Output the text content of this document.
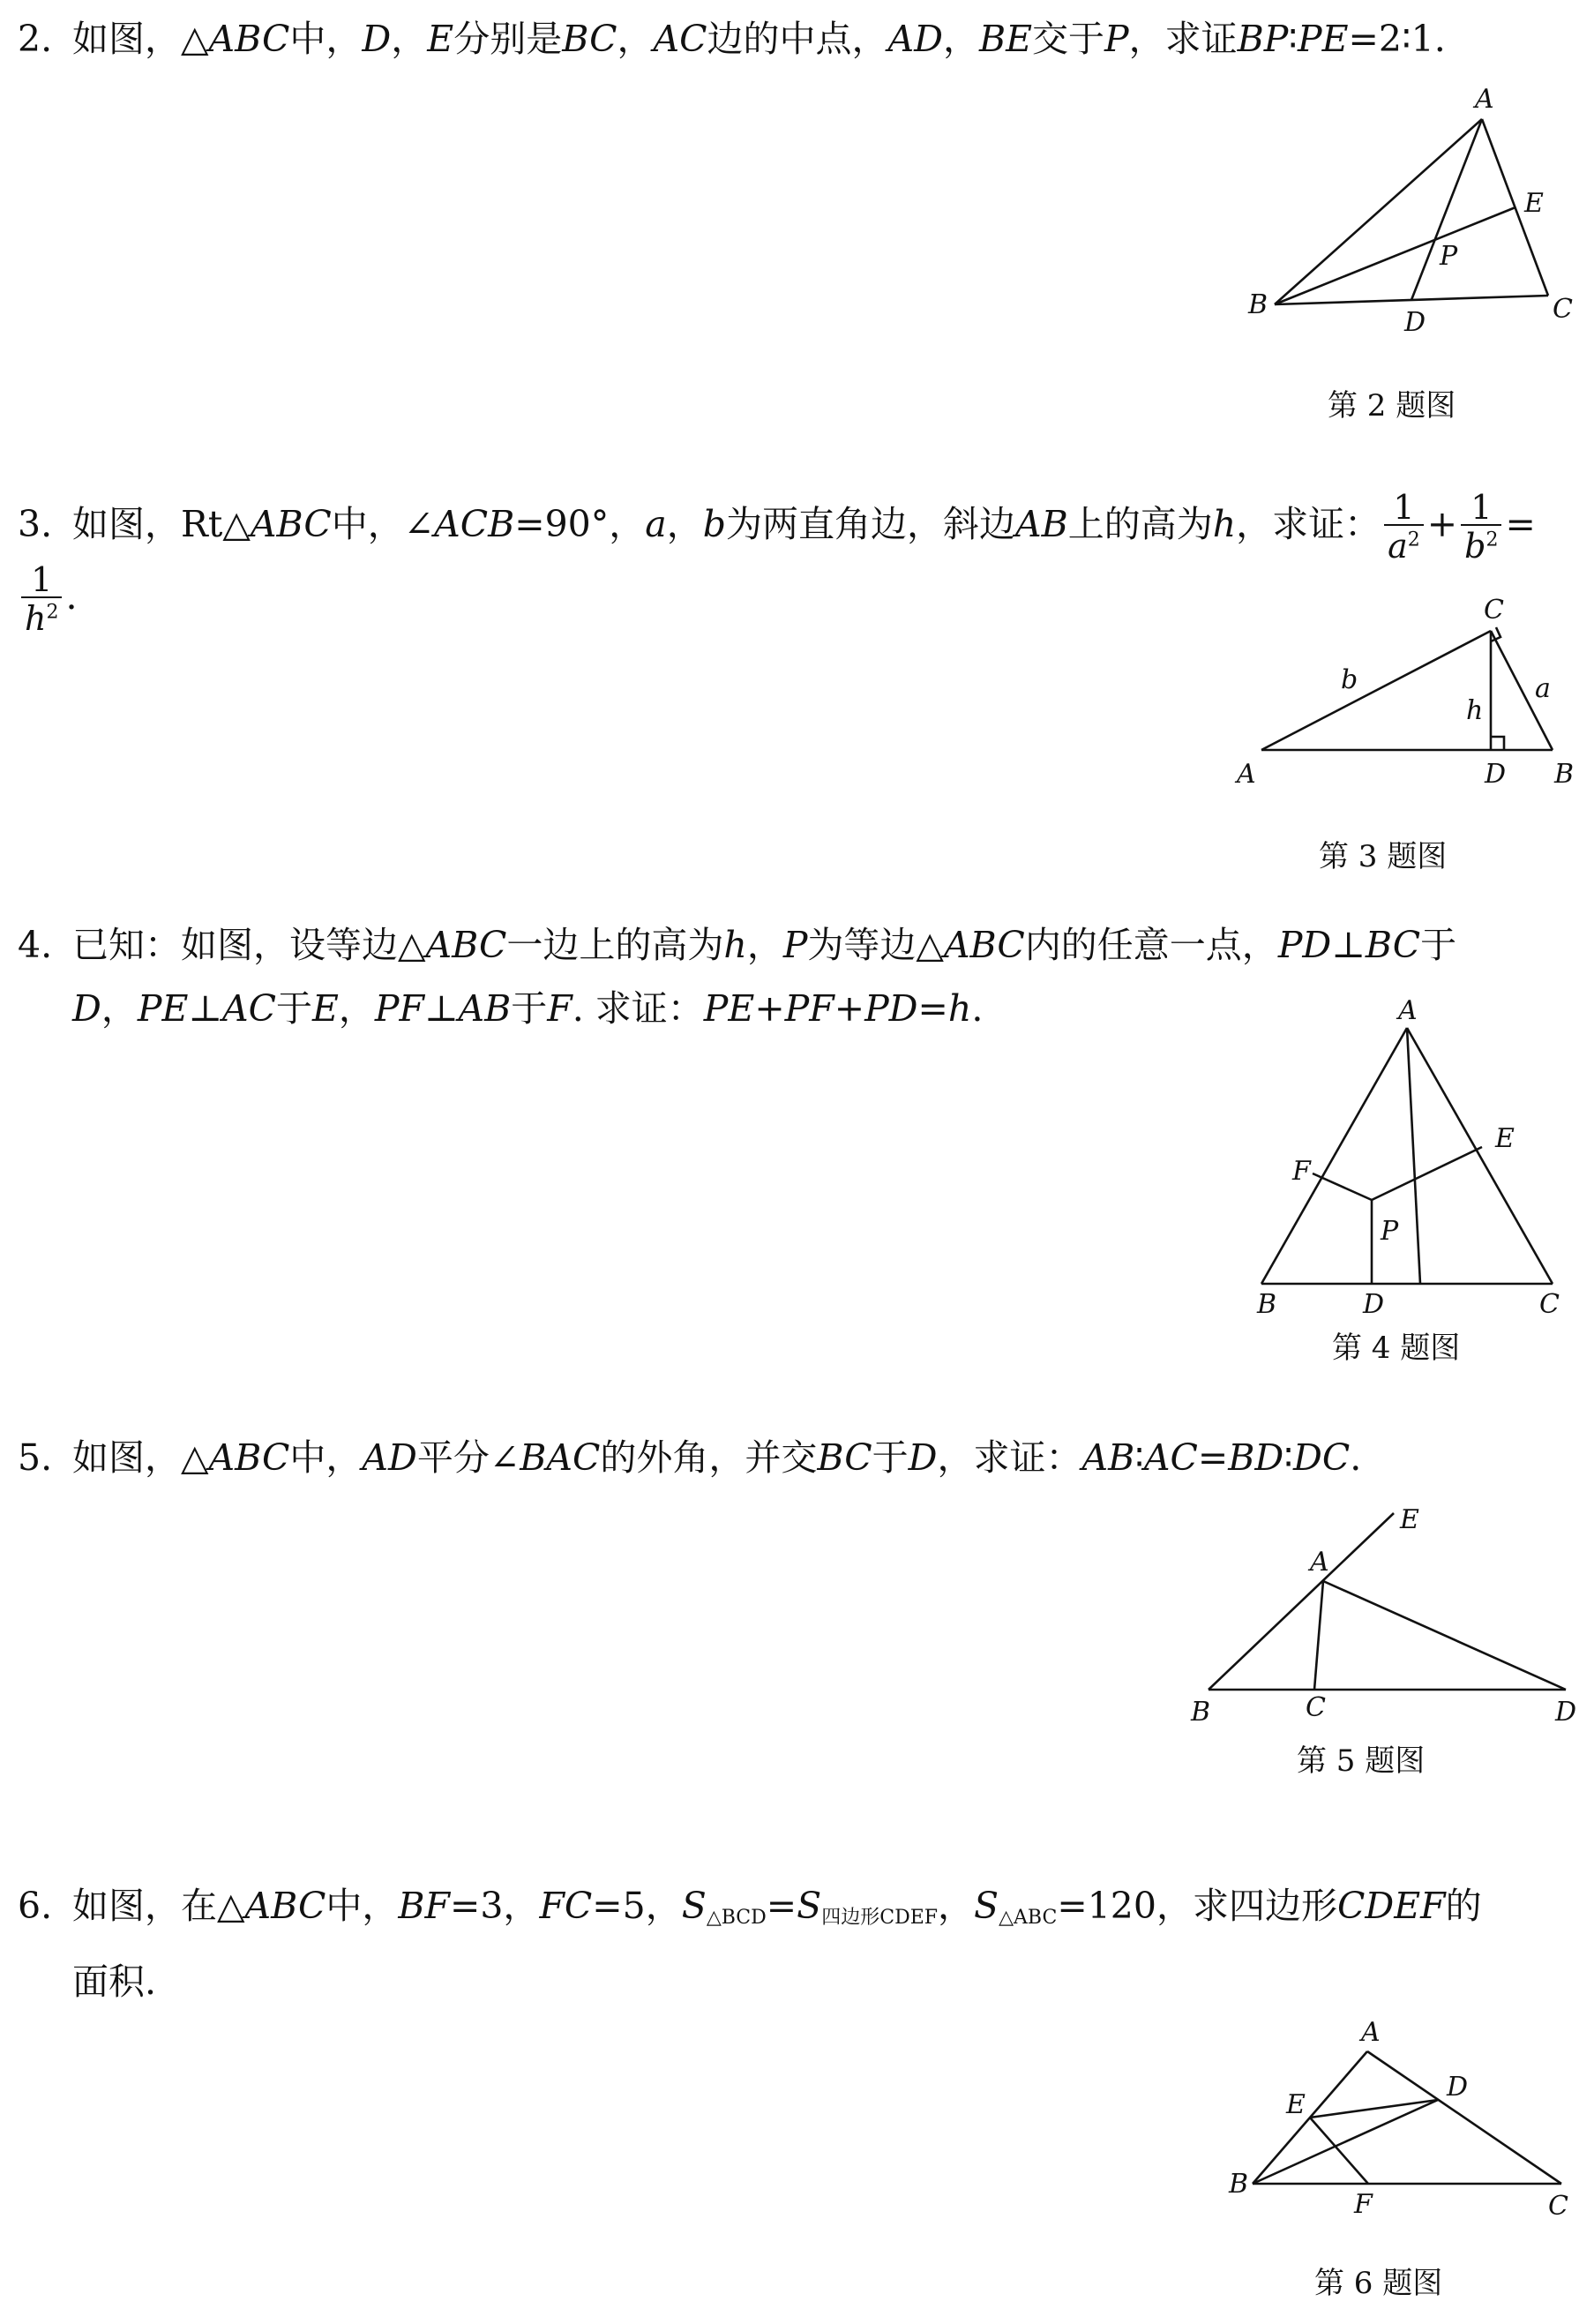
2. 如图，△ABC中，D，E分别是BC，AC边的中点，AD，BE交于P，求证BP∶PE=2∶1.
A
B	C
D
E
P
第 2 题图
3. 如图，Rt△ABC中，∠ACB=90°，a，b为两直角边，斜边AB上的高为h，求证： $\frac{1}{a^2} + \frac{1}{b^2}$ =
$\frac{1}{h^2}$ .
A	B
C
D
a
b
h
第 3 题图
4. 已知：如图，设等边△ABC一边上的高为h，P为等边△ABC内的任意一点，PD⊥BC于
D，PE⊥AC于E，PF⊥AB于F. 求证：PE+PF+PD=h.	A
B	C
D
E
F
P
第 4 题图
5. 如图，△ABC中，AD平分∠BAC的外角，并交BC于D，求证：AB∶AC=BD∶DC.
A
B	C	D
E
第 5 题图
6. 如图，在△ABC中，BF=3，FC=5，$S_{\triangle BCD}=S_{四边形CDEF}$，$S_{\triangle ABC}=120$，求四边形CDEF的
面积.
A
B
C
D
E
F
第 6 题图
